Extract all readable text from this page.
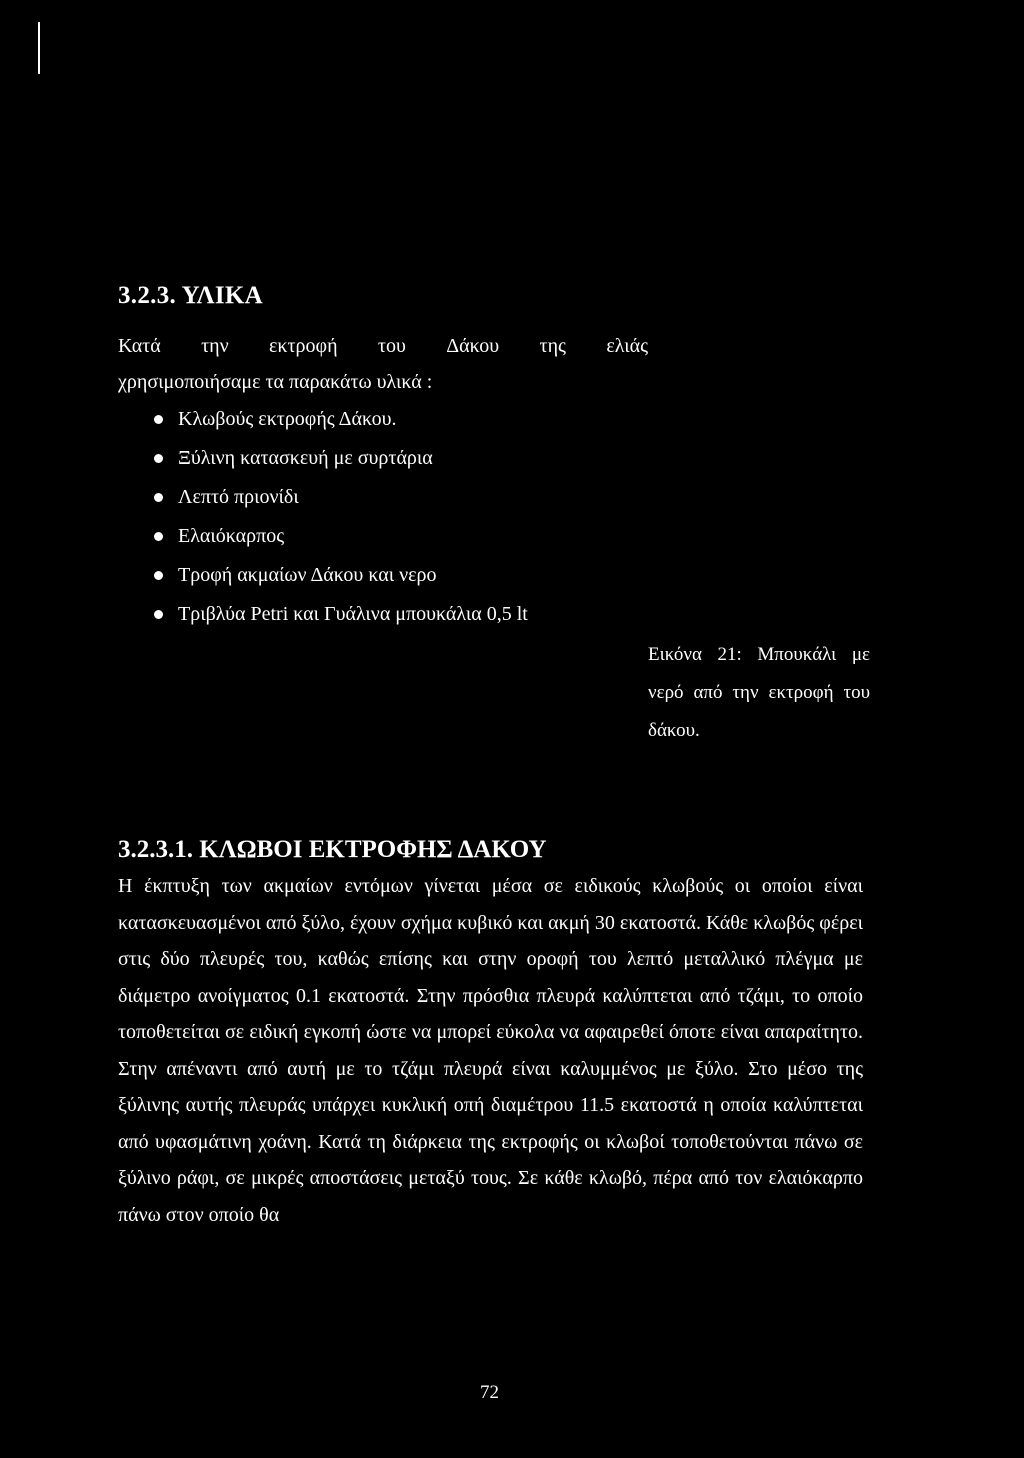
3.2.3. ΥΛΙΚΑ
Κατά την εκτροφή του Δάκου της ελιάς
χρησιμοποιήσαμε τα παρακάτω υλικά :
Κλωβούς εκτροφής Δάκου.
Ξύλινη κατασκευή με συρτάρια
Λεπτό πριονίδι
Ελαιόκαρπος
Τροφή ακμαίων Δάκου και νερο
Τριβλύα Petri και Γυάλινα μπουκάλια 0,5 lt
Εικόνα 21: Μπουκάλι με νερό από την εκτροφή του δάκου.
3.2.3.1. ΚΛΩΒΟΙ ΕΚΤΡΟΦΗΣ ΔΑΚΟΥ
Η έκπτυξη των ακμαίων εντόμων γίνεται μέσα σε ειδικούς κλωβούς οι οποίοι είναι κατασκευασμένοι από ξύλο, έχουν σχήμα κυβικό και ακμή 30 εκατοστά. Κάθε κλωβός φέρει στις δύο πλευρές του, καθώς επίσης και στην οροφή του λεπτό μεταλλικό πλέγμα με διάμετρο ανοίγματος 0.1 εκατοστά. Στην πρόσθια πλευρά καλύπτεται από τζάμι, το οποίο τοποθετείται σε ειδική εγκοπή ώστε να μπορεί εύκολα να αφαιρεθεί όποτε είναι απαραίτητο. Στην απέναντι από αυτή με το τζάμι πλευρά είναι καλυμμένος με ξύλο. Στο μέσο της ξύλινης αυτής πλευράς υπάρχει κυκλική οπή διαμέτρου 11.5 εκατοστά η οποία καλύπτεται από υφασμάτινη χοάνη. Κατά τη διάρκεια της εκτροφής οι κλωβοί τοποθετούνται πάνω σε ξύλινο ράφι, σε μικρές αποστάσεις μεταξύ τους. Σε κάθε κλωβό, πέρα από τον ελαιόκαρπο πάνω στον οποίο θα
72
